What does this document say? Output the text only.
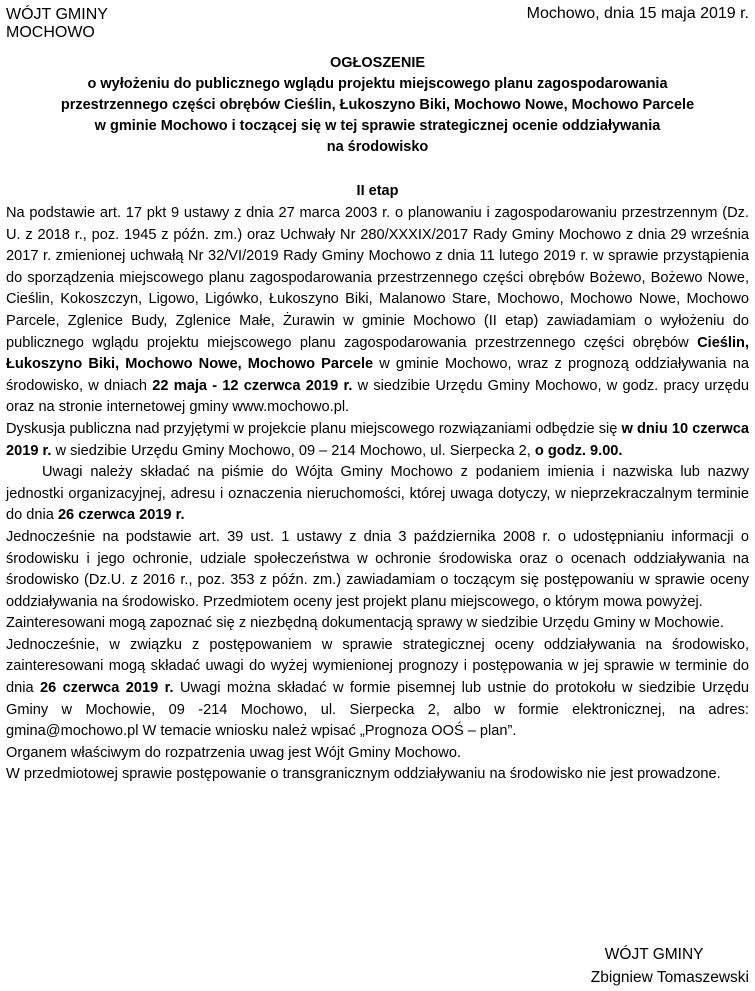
WÓJT GMINY
MOCHOWO
Mochowo, dnia 15 maja 2019 r.
OGŁOSZENIE
o wyłożeniu do publicznego wglądu projektu miejscowego planu zagospodarowania
przestrzennego części obrębów Cieślin, Łukoszyno Biki, Mochowo Nowe, Mochowo Parcele
w gminie Mochowo i toczącej się w tej sprawie strategicznej ocenie oddziaływania
na środowisko
II etap

Na podstawie art. 17 pkt 9 ustawy z dnia 27 marca 2003 r. o planowaniu i zagospodarowaniu przestrzennym (Dz. U. z 2018 r., poz. 1945 z późn. zm.) oraz Uchwały Nr 280/XXXIX/2017 Rady Gminy Mochowo z dnia 29 września 2017 r. zmienionej uchwałą Nr 32/VI/2019 Rady Gminy Mochowo z dnia 11 lutego 2019 r. w sprawie przystąpienia do sporządzenia miejscowego planu zagospodarowania przestrzennego części obrębów Bożewo, Bożewo Nowe, Cieślin, Kokoszczyn, Ligowo, Ligówko, Łukoszyno Biki, Malanowo Stare, Mochowo, Mochowo Nowe, Mochowo Parcele, Zglenice Budy, Zglenice Małe, Żurawin w gminie Mochowo (II etap) zawiadamiam o wyłożeniu do publicznego wglądu projektu miejscowego planu zagospodarowania przestrzennego części obrębów Cieślin, Łukoszyno Biki, Mochowo Nowe, Mochowo Parcele w gminie Mochowo, wraz z prognozą oddziaływania na środowisko, w dniach 22 maja - 12 czerwca 2019 r. w siedzibie Urzędu Gminy Mochowo, w godz. pracy urzędu oraz na stronie internetowej gminy www.mochowo.pl.

Dyskusja publiczna nad przyjętymi w projekcie planu miejscowego rozwiązaniami odbędzie się w dniu 10 czerwca 2019 r. w siedzibie Urzędu Gminy Mochowo, 09 – 214 Mochowo, ul. Sierpecka 2, o godz. 9.00.

Uwagi należy składać na piśmie do Wójta Gminy Mochowo z podaniem imienia i nazwiska lub nazwy jednostki organizacyjnej, adresu i oznaczenia nieruchomości, której uwaga dotyczy, w nieprzekraczalnym terminie do dnia 26 czerwca 2019 r.

Jednocześnie na podstawie art. 39 ust. 1 ustawy z dnia 3 października 2008 r. o udostępnianiu informacji o środowisku i jego ochronie, udziale społeczeństwa w ochronie środowiska oraz o ocenach oddziaływania na środowisko (Dz.U. z 2016 r., poz. 353 z późn. zm.) zawiadamiam o toczącym się postępowaniu w sprawie oceny oddziaływania na środowisko. Przedmiotem oceny jest projekt planu miejscowego, o którym mowa powyżej.

Zainteresowani mogą zapoznać się z niezbędną dokumentacją sprawy w siedzibie Urzędu Gminy w Mochowie.

Jednocześnie, w związku z postępowaniem w sprawie strategicznej oceny oddziaływania na środowisko, zainteresowani mogą składać uwagi do wyżej wymienionej prognozy i postępowania w jej sprawie w terminie do dnia 26 czerwca 2019 r. Uwagi można składać w formie pisemnej lub ustnie do protokołu w siedzibie Urzędu Gminy w Mochowie, 09 -214 Mochowo, ul. Sierpecka 2, albo w formie elektronicznej, na adres: gmina@mochowo.pl W temacie wniosku należ wpisać „Prognoza OOŚ – plan”.

Organem właściwym do rozpatrzenia uwag jest Wójt Gminy Mochowo.

W przedmiotowej sprawie postępowanie o transgranicznym oddziaływaniu na środowisko nie jest prowadzone.

WÓJT GMINY
Zbigniew Tomaszewski
